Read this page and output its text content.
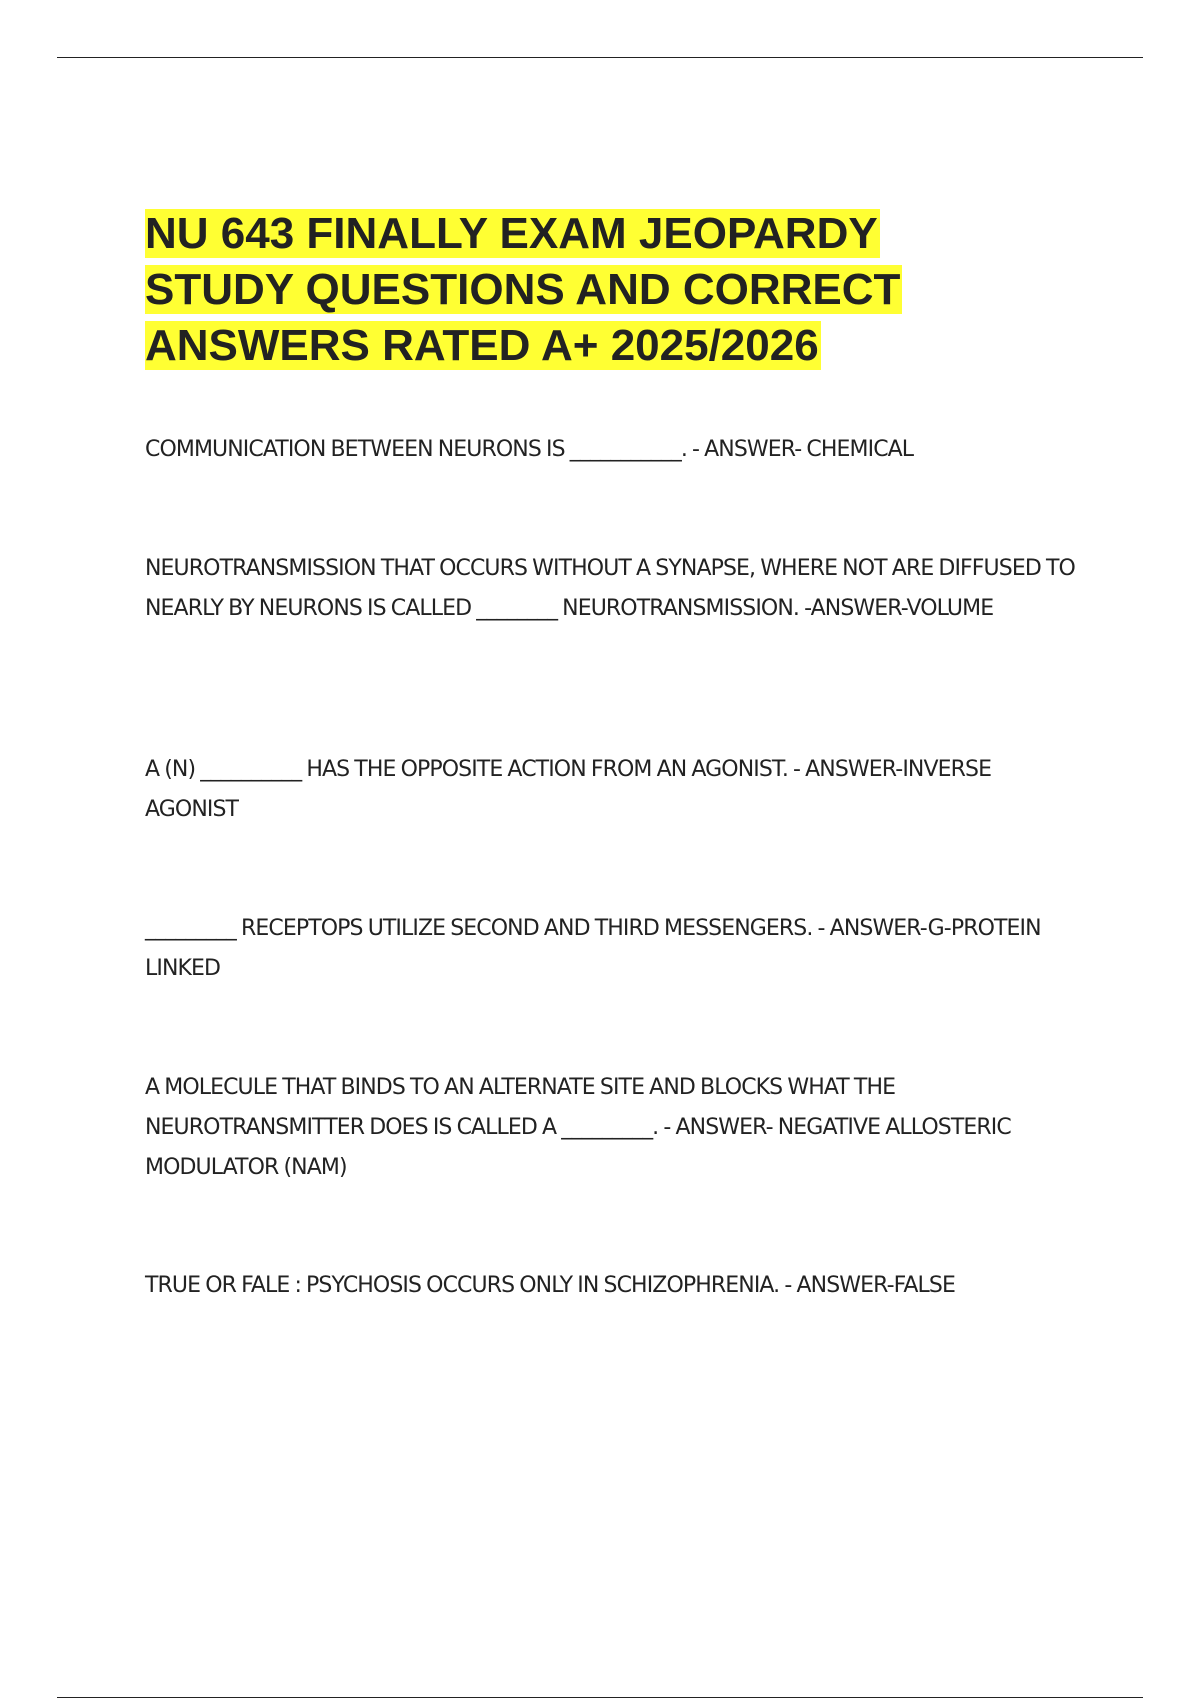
NU 643 FINALLY EXAM JEOPARDY STUDY QUESTIONS AND CORRECT ANSWERS RATED A+ 2025/2026

COMMUNICATION BETWEEN NEURONS IS ___________. - ANSWER- CHEMICAL

NEUROTRANSMISSION THAT OCCURS WITHOUT A SYNAPSE, WHERE NOT ARE DIFFUSED TO NEARLY BY NEURONS IS CALLED ________ NEUROTRANSMISSION. -ANSWER-VOLUME

A (N) __________ HAS THE OPPOSITE ACTION FROM AN AGONIST. - ANSWER-INVERSE AGONIST

_________ RECEPTOPS UTILIZE SECOND AND THIRD MESSENGERS. - ANSWER-G-PROTEIN LINKED

A MOLECULE THAT BINDS TO AN ALTERNATE SITE AND BLOCKS WHAT THE NEUROTRANSMITTER DOES IS CALLED A _________. - ANSWER- NEGATIVE ALLOSTERIC MODULATOR (NAM)

TRUE OR FALE : PSYCHOSIS OCCURS ONLY IN SCHIZOPHRENIA. - ANSWER-FALSE
